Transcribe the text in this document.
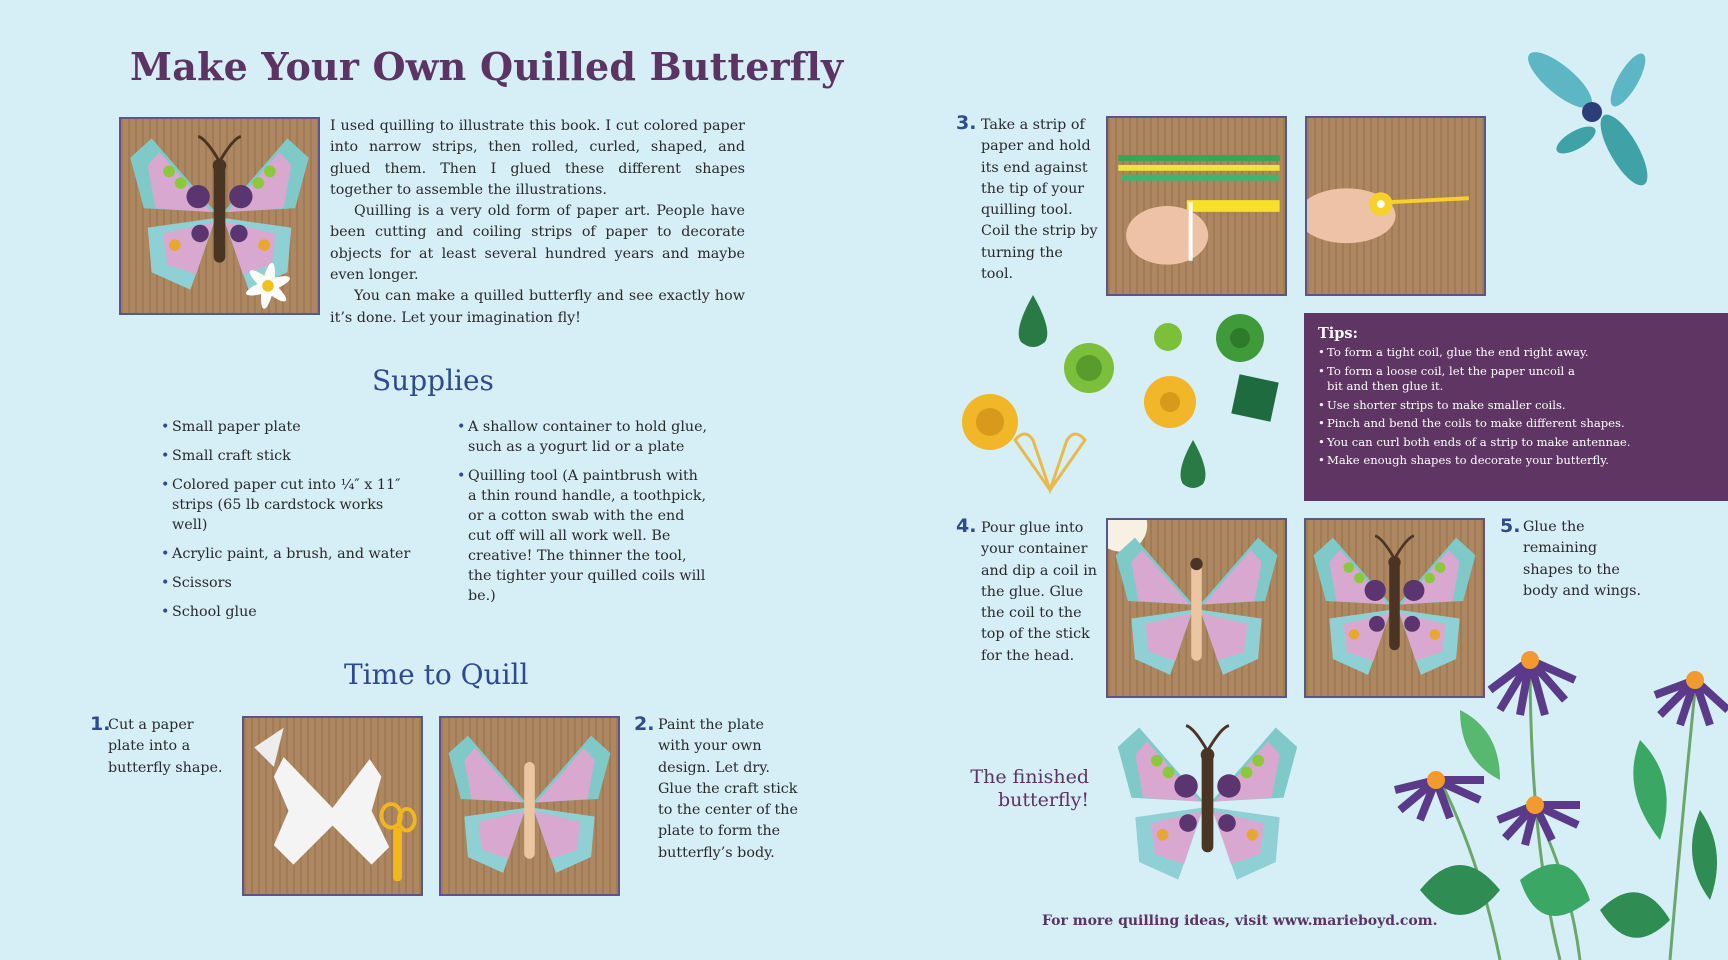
Make Your Own Quilled Butterfly

I used quilling to illustrate this book. I cut colored paper into narrow strips, then rolled, curled, shaped, and glued them. Then I glued these different shapes together to assemble the illustrations.

Quilling is a very old form of paper art. People have been cutting and coiling strips of paper to decorate objects for at least several hundred years and maybe even longer.

You can make a quilled butterfly and see exactly how it’s done. Let your imagination fly!

Supplies
• Small paper plate
• Small craft stick
• Colored paper cut into ¼″ x 11″ strips (65 lb cardstock works well)
• Acrylic paint, a brush, and water
• Scissors
• School glue
• A shallow container to hold glue, such as a yogurt lid or a plate
• Quilling tool (A paintbrush with a thin round handle, a toothpick, or a cotton swab with the end cut off will all work well. Be creative! The thinner the tool, the tighter your quilled coils will be.)
Time to Quill
1.
Cut a paper plate into a butterfly shape.
2. Paint the plate with your own design. Let dry. Glue the craft stick to the center of the plate to form the butterfly’s body.
3. Take a strip of paper and hold its end against the tip of your quilling tool. Coil the strip by turning the tool.
Tips:
• To form a tight coil, glue the end right away.
• To form a loose coil, let the paper uncoil a bit and then glue it.
• Use shorter strips to make smaller coils.
• Pinch and bend the coils to make different shapes.
• You can curl both ends of a strip to make antennae.
• Make enough shapes to decorate your butterfly.
4. Pour glue into your container and dip a coil in the glue. Glue the coil to the top of the stick for the head.
5. Glue the remaining shapes to the body and wings.
The finished butterfly!
For more quilling ideas, visit www.marieboyd.com.
